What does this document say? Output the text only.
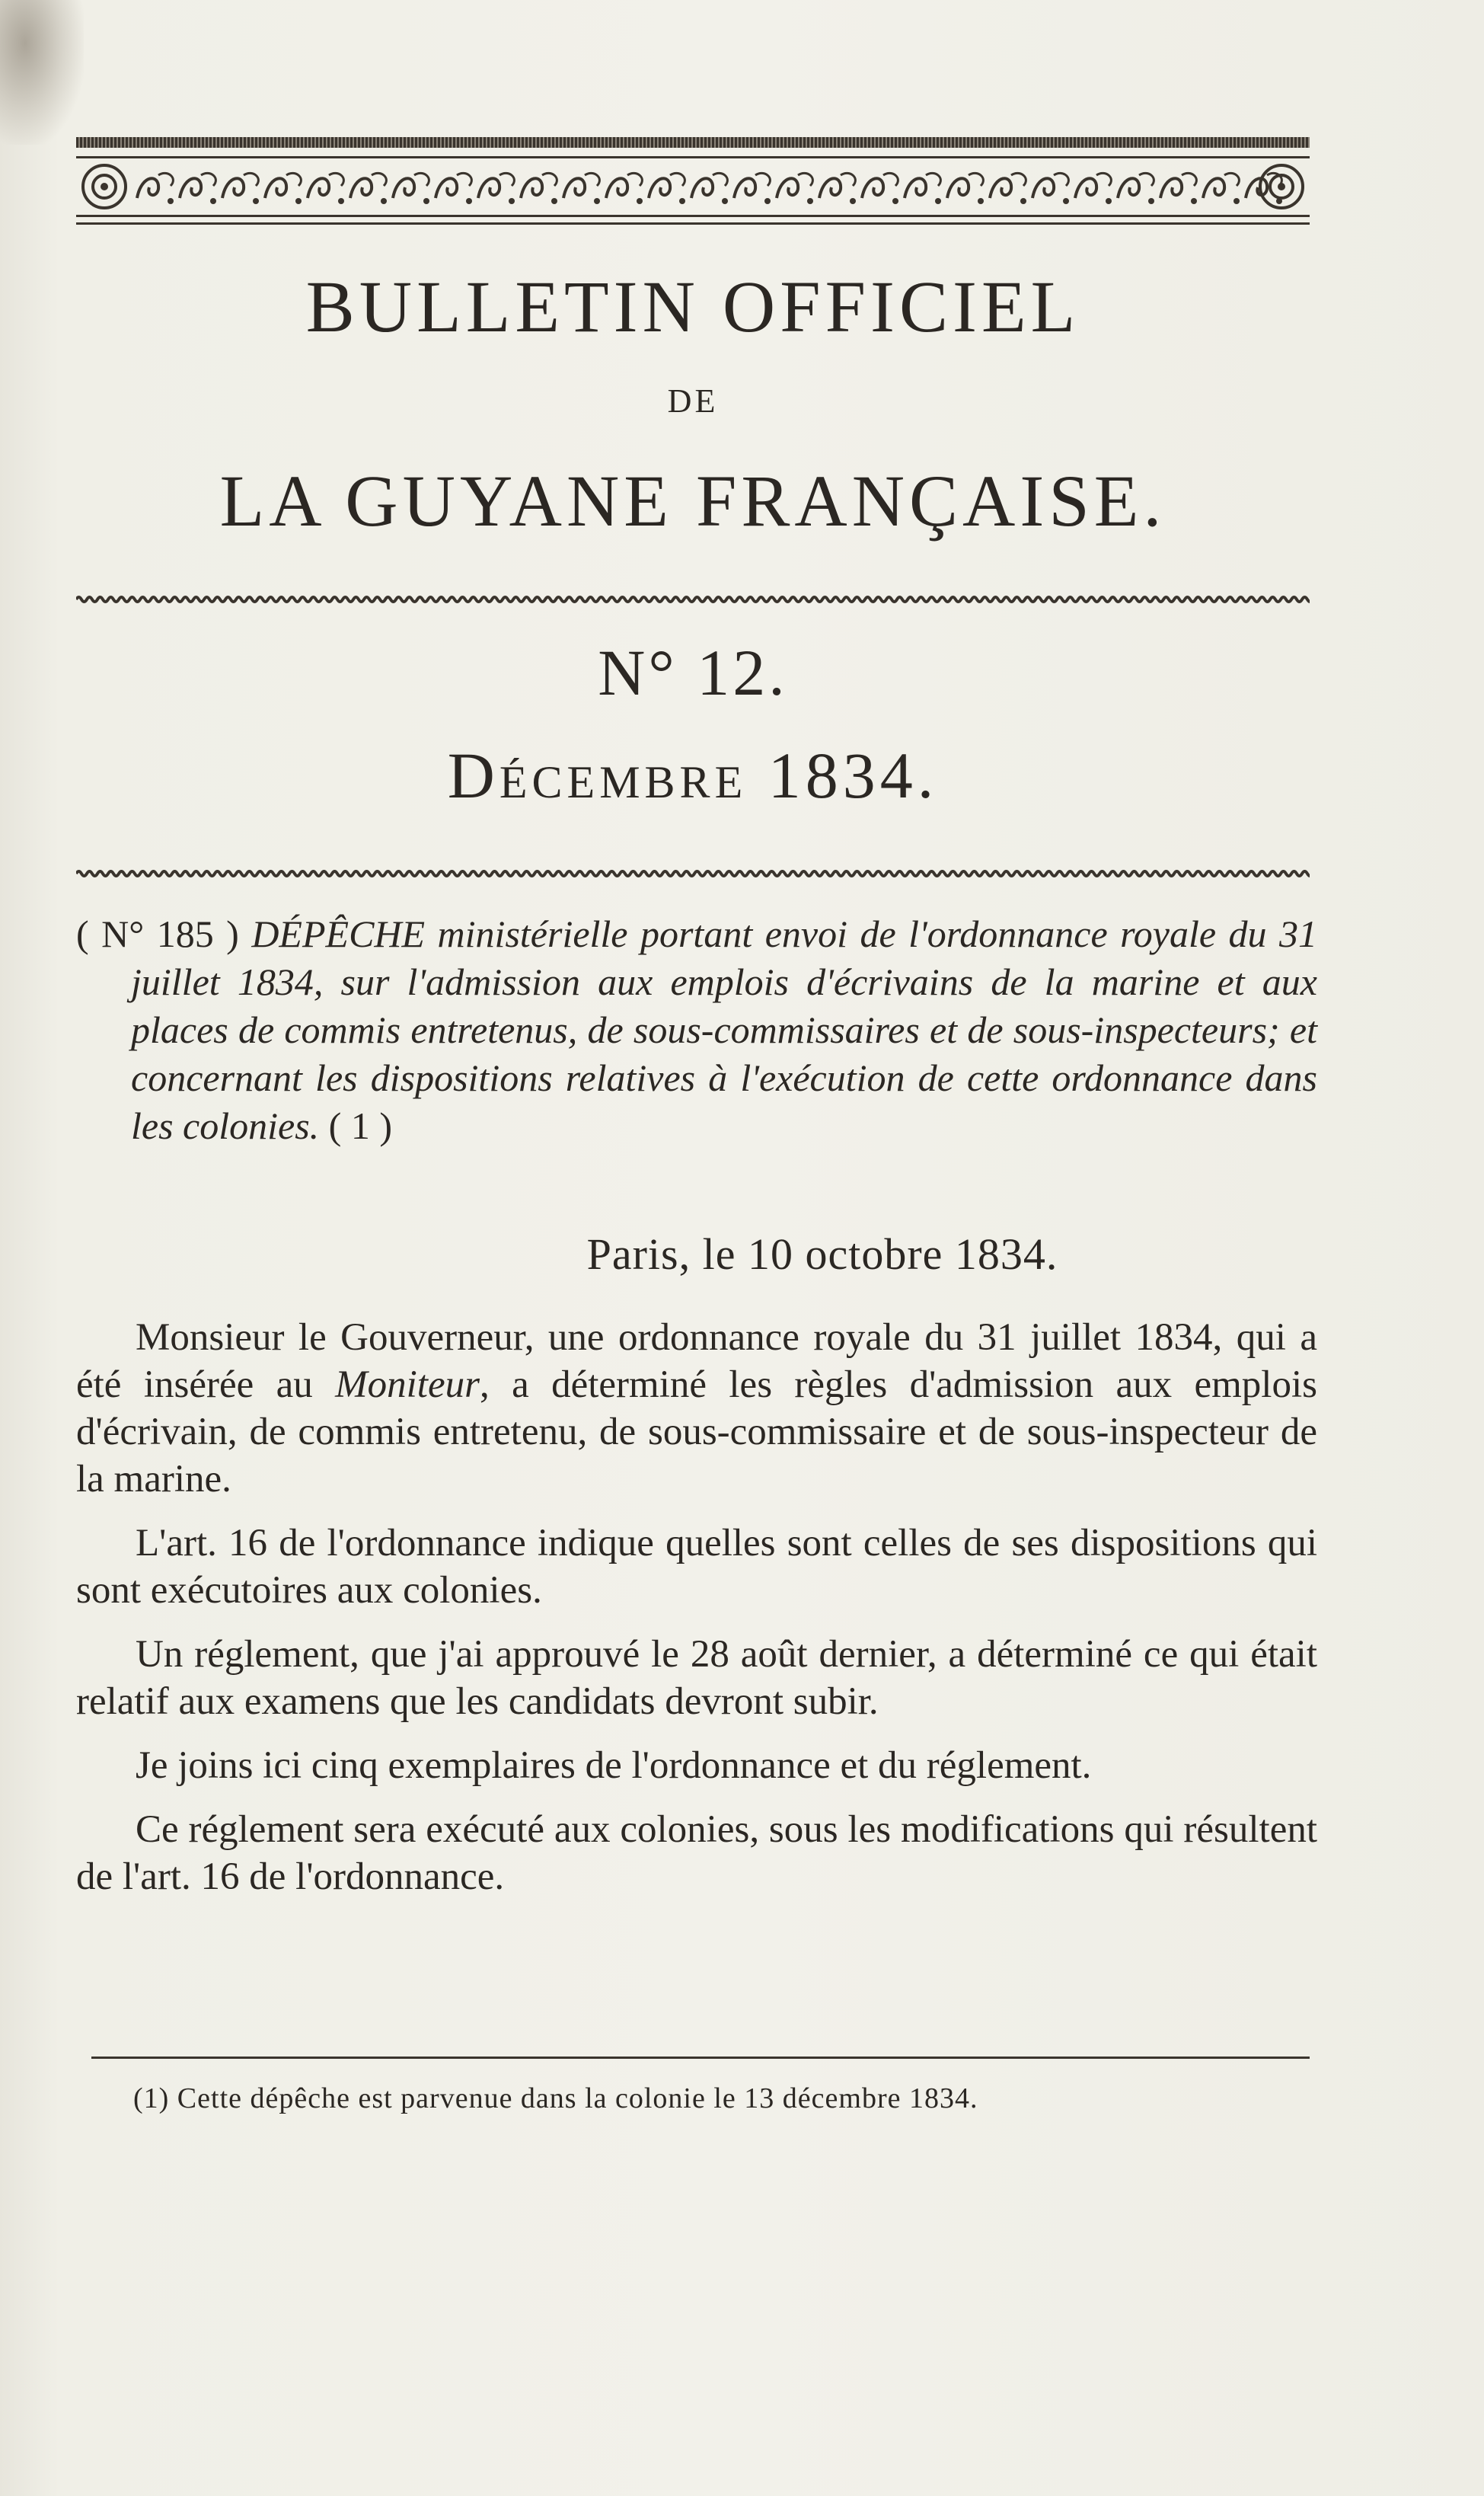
BULLETIN OFFICIEL
DE
LA GUYANE FRANÇAISE.
N° 12.
Décembre 1834.
( N° 185 ) DÉPÊCHE ministérielle portant envoi de l'ordonnance royale du 31 juillet 1834, sur l'admission aux emplois d'écrivains de la marine et aux places de commis entretenus, de sous-commissaires et de sous-inspecteurs; et concernant les dispositions relatives à l'exécution de cette ordonnance dans les colonies. ( 1 )
Paris, le 10 octobre 1834.

Monsieur le Gouverneur, une ordonnance royale du 31 juillet 1834, qui a été insérée au Moniteur, a déterminé les règles d'admission aux emplois d'écrivain, de commis entretenu, de sous-commissaire et de sous-inspecteur de la marine.

L'art. 16 de l'ordonnance indique quelles sont celles de ses dispositions qui sont exécutoires aux colonies.

Un réglement, que j'ai approuvé le 28 août dernier, a déterminé ce qui était relatif aux examens que les candidats devront subir.

Je joins ici cinq exemplaires de l'ordonnance et du réglement.

Ce réglement sera exécuté aux colonies, sous les modifications qui résultent de l'art. 16 de l'ordonnance.

(1) Cette dépêche est parvenue dans la colonie le 13 décembre 1834.
